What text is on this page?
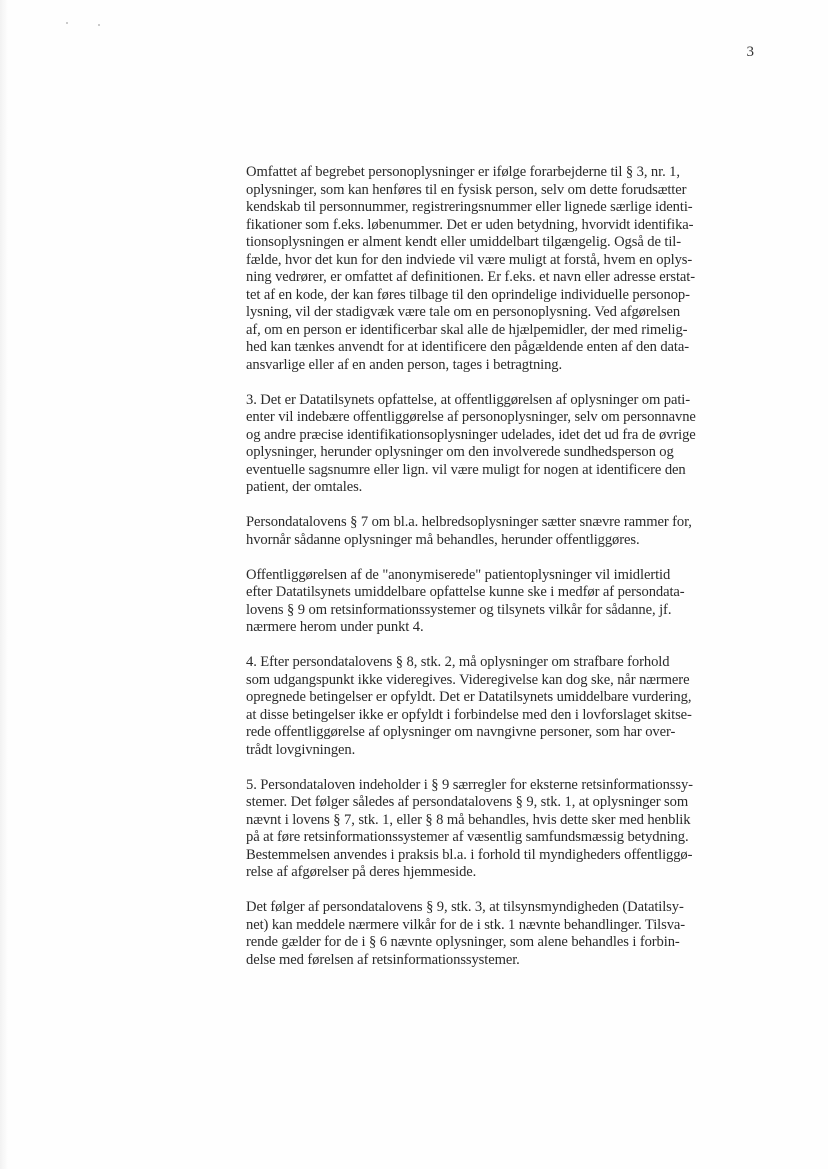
3

Omfattet af begrebet personoplysninger er ifølge forarbejderne til § 3, nr. 1,
oplysninger, som kan henføres til en fysisk person, selv om dette forudsætter
kendskab til personnummer, registreringsnummer eller lignede særlige identi-
fikationer som f.eks. løbenummer. Det er uden betydning, hvorvidt identifika-
tionsoplysningen er alment kendt eller umiddelbart tilgængelig. Også de til-
fælde, hvor det kun for den indviede vil være muligt at forstå, hvem en oplys-
ning vedrører, er omfattet af definitionen. Er f.eks. et navn eller adresse erstat-
tet af en kode, der kan føres tilbage til den oprindelige individuelle personop-
lysning, vil der stadigvæk være tale om en personoplysning. Ved afgørelsen
af, om en person er identificerbar skal alle de hjælpemidler, der med rimelig-
hed kan tænkes anvendt for at identificere den pågældende enten af den data-
ansvarlige eller af en anden person, tages i betragtning.

3. Det er Datatilsynets opfattelse, at offentliggørelsen af oplysninger om pati-
enter vil indebære offentliggørelse af personoplysninger, selv om personnavne
og andre præcise identifikationsoplysninger udelades, idet det ud fra de øvrige
oplysninger, herunder oplysninger om den involverede sundhedsperson og
eventuelle sagsnumre eller lign. vil være muligt for nogen at identificere den
patient, der omtales.

Persondatalovens § 7 om bl.a. helbredsoplysninger sætter snævre rammer for,
hvornår sådanne oplysninger må behandles, herunder offentliggøres.

Offentliggørelsen af de "anonymiserede" patientoplysninger vil imidlertid
efter Datatilsynets umiddelbare opfattelse kunne ske i medfør af persondata-
lovens § 9 om retsinformationssystemer og tilsynets vilkår for sådanne, jf.
nærmere herom under punkt 4.

4. Efter persondatalovens § 8, stk. 2, må oplysninger om strafbare forhold
som udgangspunkt ikke videregives. Videregivelse kan dog ske, når nærmere
opregnede betingelser er opfyldt. Det er Datatilsynets umiddelbare vurdering,
at disse betingelser ikke er opfyldt i forbindelse med den i lovforslaget skitse-
rede offentliggørelse af oplysninger om navngivne personer, som har over-
trådt lovgivningen.

5. Persondataloven indeholder i § 9 særregler for eksterne retsinformationssy-
stemer. Det følger således af persondatalovens § 9, stk. 1, at oplysninger som
nævnt i lovens § 7, stk. 1, eller § 8 må behandles, hvis dette sker med henblik
på at føre retsinformationssystemer af væsentlig samfundsmæssig betydning.
Bestemmelsen anvendes i praksis bl.a. i forhold til myndigheders offentliggø-
relse af afgørelser på deres hjemmeside.

Det følger af persondatalovens § 9, stk. 3, at tilsynsmyndigheden (Datatilsy-
net) kan meddele nærmere vilkår for de i stk. 1 nævnte behandlinger. Tilsva-
rende gælder for de i § 6 nævnte oplysninger, som alene behandles i forbin-
delse med førelsen af retsinformationssystemer.
